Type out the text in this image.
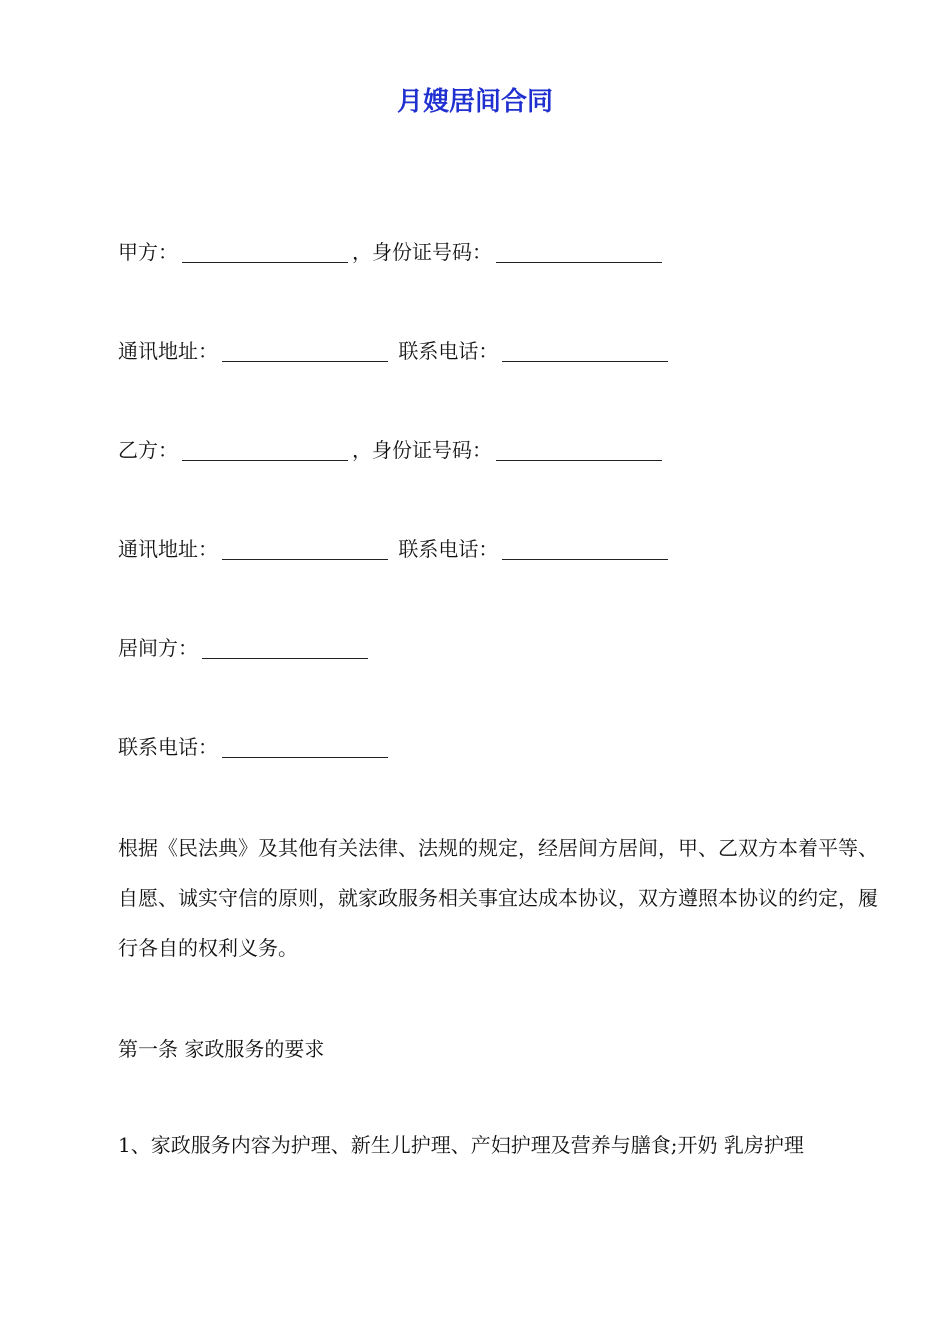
月嫂居间合同
甲方：	，身份证号码：
通讯地址：	联系电话：
乙方：	，身份证号码：
通讯地址：	联系电话：
居间方：
联系电话：
根据《民法典》及其他有关法律、法规的规定，经居间方居间，甲、乙双方本着平等、自愿、诚实守信的原则，就家政服务相关事宜达成本协议，双方遵照本协议的约定，履行各自的权利义务。
第一条 家政服务的要求
1、家政服务内容为护理、新生儿护理、产妇护理及营养与膳食;开奶 乳房护理
